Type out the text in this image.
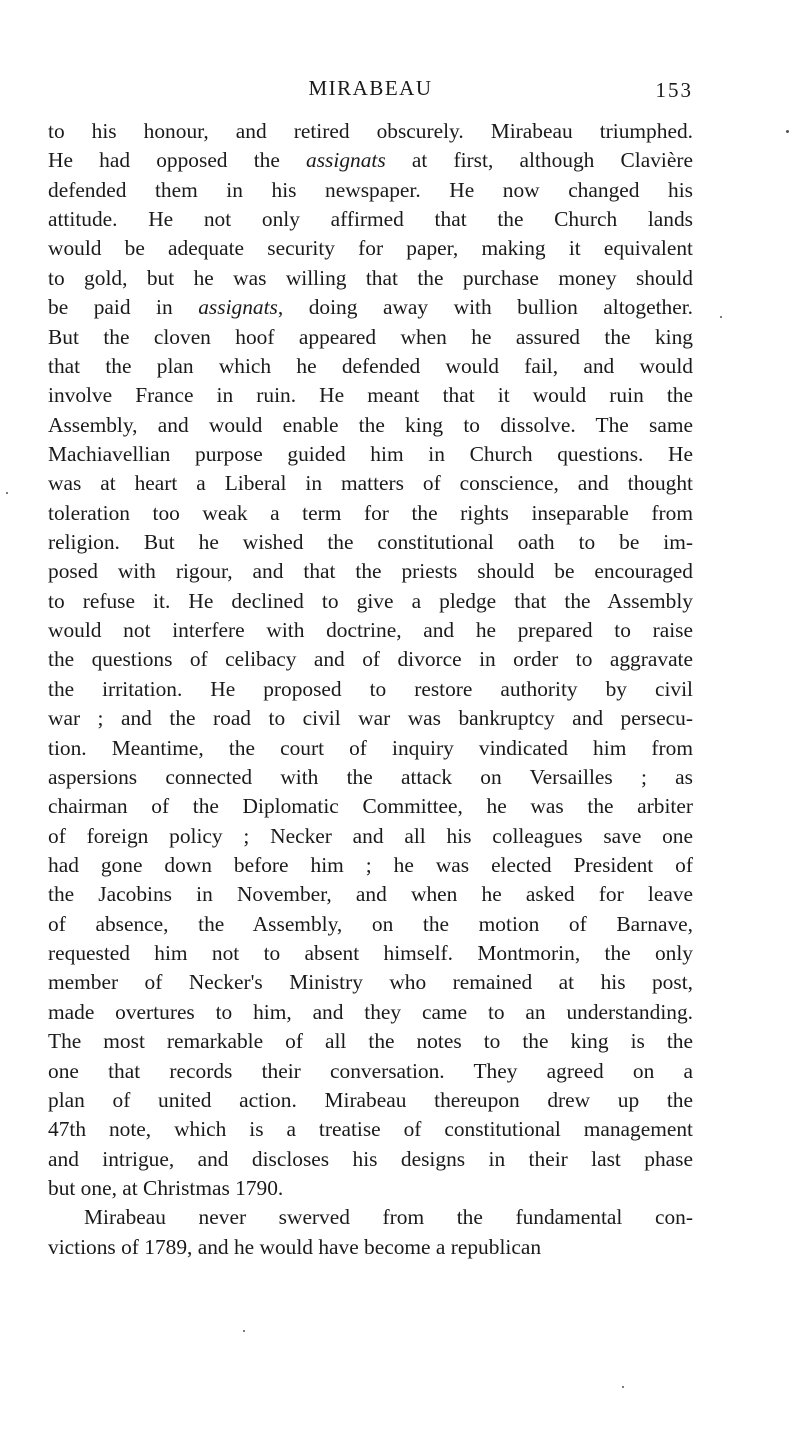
MIRABEAU	153
to his honour, and retired obscurely. Mirabeau triumphed.
He had opposed the assignats at first, although Clavière
defended them in his newspaper. He now changed his
attitude. He not only affirmed that the Church lands
would be adequate security for paper, making it equivalent
to gold, but he was willing that the purchase money should
be paid in assignats, doing away with bullion altogether.
But the cloven hoof appeared when he assured the king
that the plan which he defended would fail, and would
involve France in ruin. He meant that it would ruin the
Assembly, and would enable the king to dissolve. The same
Machiavellian purpose guided him in Church questions. He
was at heart a Liberal in matters of conscience, and thought
toleration too weak a term for the rights inseparable from
religion. But he wished the constitutional oath to be im-
posed with rigour, and that the priests should be encouraged
to refuse it. He declined to give a pledge that the Assembly
would not interfere with doctrine, and he prepared to raise
the questions of celibacy and of divorce in order to aggravate
the irritation. He proposed to restore authority by civil
war ; and the road to civil war was bankruptcy and persecu-
tion. Meantime, the court of inquiry vindicated him from
aspersions connected with the attack on Versailles ; as
chairman of the Diplomatic Committee, he was the arbiter
of foreign policy ; Necker and all his colleagues save one
had gone down before him ; he was elected President of
the Jacobins in November, and when he asked for leave
of absence, the Assembly, on the motion of Barnave,
requested him not to absent himself. Montmorin, the only
member of Necker's Ministry who remained at his post,
made overtures to him, and they came to an understanding.
The most remarkable of all the notes to the king is the
one that records their conversation. They agreed on a
plan of united action. Mirabeau thereupon drew up the
47th note, which is a treatise of constitutional management
and intrigue, and discloses his designs in their last phase
but one, at Christmas 1790.
Mirabeau never swerved from the fundamental con-
victions of 1789, and he would have become a republican
